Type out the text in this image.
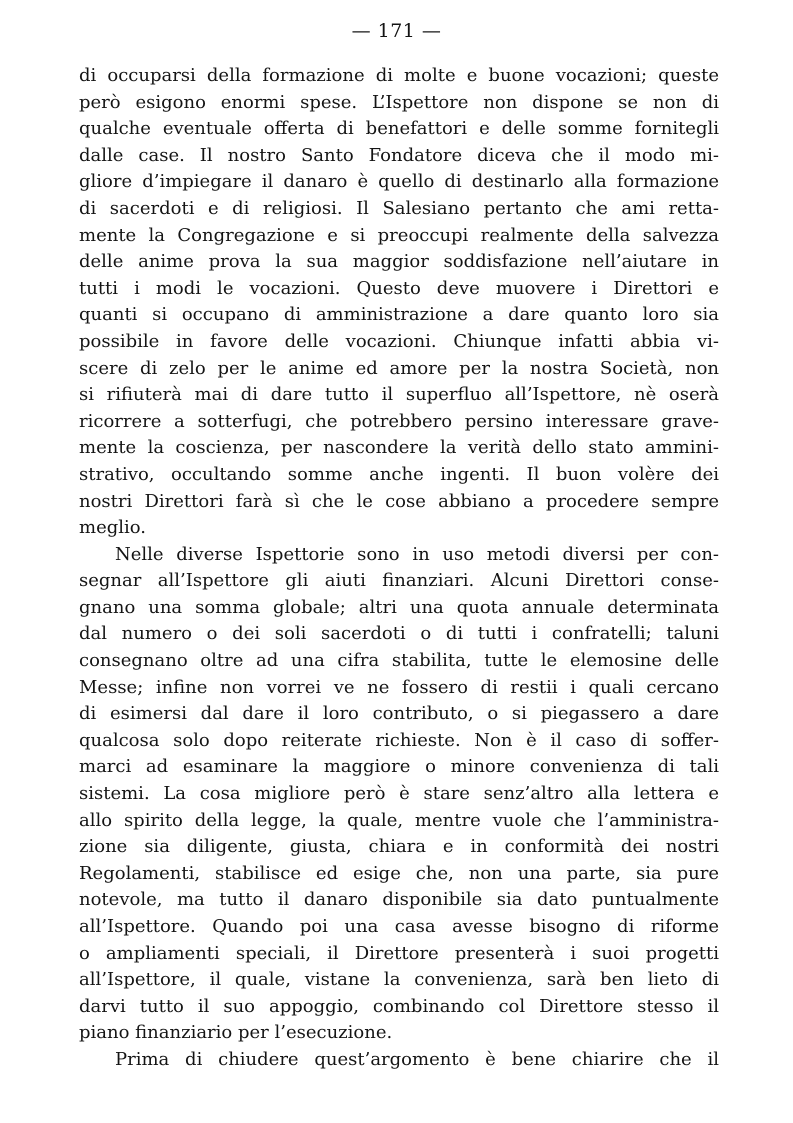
— 171 —
di occuparsi della formazione di molte e buone vocazioni; queste
però esigono enormi spese. L’Ispettore non dispone se non di
qualche eventuale offerta di benefattori e delle somme fornitegli
dalle case. Il nostro Santo Fondatore diceva che il modo mi-
gliore d’impiegare il danaro è quello di destinarlo alla formazione
di sacerdoti e di religiosi. Il Salesiano pertanto che ami retta-
mente la Congregazione e si preoccupi realmente della salvezza
delle anime prova la sua maggior soddisfazione nell’aiutare in
tutti i modi le vocazioni. Questo deve muovere i Direttori e
quanti si occupano di amministrazione a dare quanto loro sia
possibile in favore delle vocazioni. Chiunque infatti abbia vi-
scere di zelo per le anime ed amore per la nostra Società, non
si rifiuterà mai di dare tutto il superfluo all’Ispettore, nè oserà
ricorrere a sotterfugi, che potrebbero persino interessare grave-
mente la coscienza, per nascondere la verità dello stato ammini-
strativo, occultando somme anche ingenti. Il buon volère dei
nostri Direttori farà sì che le cose abbiano a procedere sempre
meglio.
Nelle diverse Ispettorie sono in uso metodi diversi per con-
segnar all’Ispettore gli aiuti finanziari. Alcuni Direttori conse-
gnano una somma globale; altri una quota annuale determinata
dal numero o dei soli sacerdoti o di tutti i confratelli; taluni
consegnano oltre ad una cifra stabilita, tutte le elemosine delle
Messe; infine non vorrei ve ne fossero di restii i quali cercano
di esimersi dal dare il loro contributo, o si piegassero a dare
qualcosa solo dopo reiterate richieste. Non è il caso di soffer-
marci ad esaminare la maggiore o minore convenienza di tali
sistemi. La cosa migliore però è stare senz’altro alla lettera e
allo spirito della legge, la quale, mentre vuole che l’amministra-
zione sia diligente, giusta, chiara e in conformità dei nostri
Regolamenti, stabilisce ed esige che, non una parte, sia pure
notevole, ma tutto il danaro disponibile sia dato puntualmente
all’Ispettore. Quando poi una casa avesse bisogno di riforme
o ampliamenti speciali, il Direttore presenterà i suoi progetti
all’Ispettore, il quale, vistane la convenienza, sarà ben lieto di
darvi tutto il suo appoggio, combinando col Direttore stesso il
piano finanziario per l’esecuzione.
Prima di chiudere quest’argomento è bene chiarire che il
